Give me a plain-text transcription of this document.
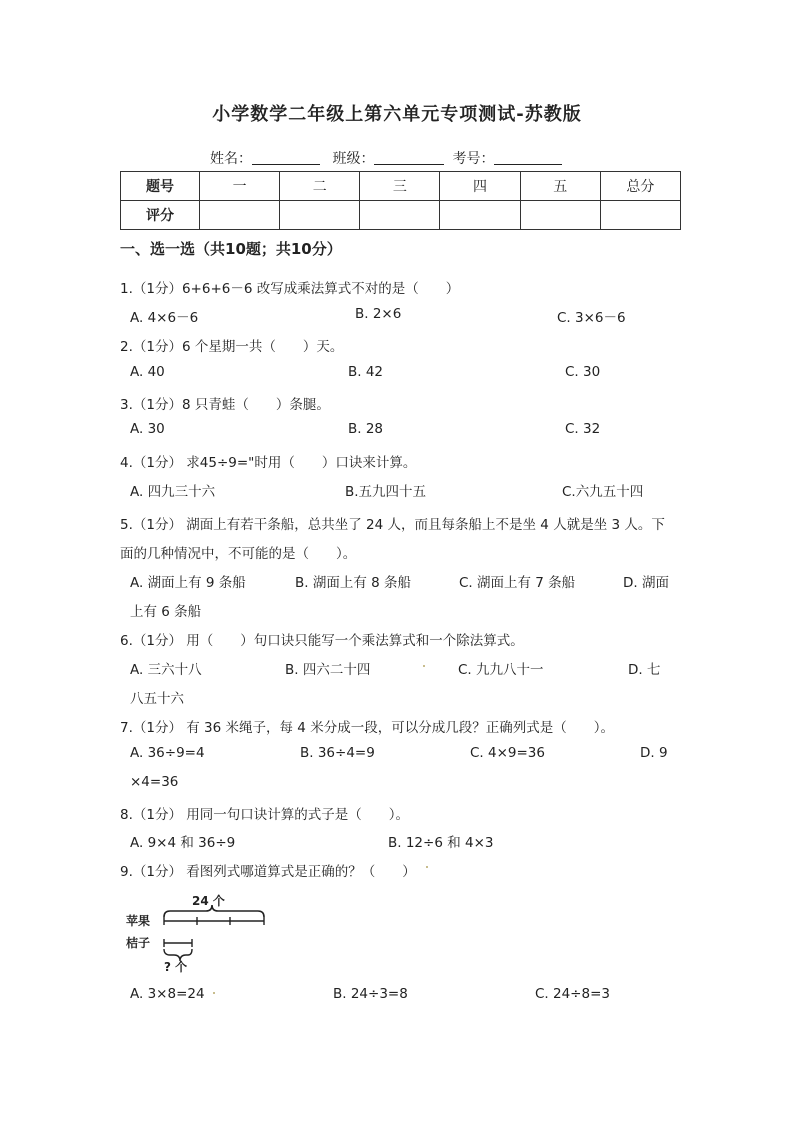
小学数学二年级上第六单元专项测试-苏教版
姓名：	班级：	考号：
题号	一	二	三	四	五	总分
评分						
一、选一选（共10题；共10分）
1.（1分）6+6+6－6 改写成乘法算式不对的是（　　）
A. 4×6－6	B. 2×6	C. 3×6－6
2.（1分）6 个星期一共（　　）天。
A. 40	B. 42	C. 30
3.（1分）8 只青蛙（　　）条腿。
A. 30	B. 28	C. 32
4.（1分） 求45÷9="时用（　　）口诀来计算。
A. 四九三十六	B.五九四十五	C.六九五十四
5.（1分） 湖面上有若干条船，总共坐了 24 人，而且每条船上不是坐 4 人就是坐 3 人。下
面的几种情况中，不可能的是（　　）。
A. 湖面上有 9 条船	B. 湖面上有 8 条船	C. 湖面上有 7 条船	D. 湖面
上有 6 条船
6.（1分） 用（　　）句口诀只能写一个乘法算式和一个除法算式。
A. 三六十八	B. 四六二十四	C. 九九八十一	D. 七
八五十六
7.（1分） 有 36 米绳子，每 4 米分成一段，可以分成几段？正确列式是（　　）。
A. 36÷9=4	B. 36÷4=9	C. 4×9=36	D. 9
×4=36
8.（1分） 用同一句口诀计算的式子是（　　）。
A. 9×4 和 36÷9	B. 12÷6 和 4×3
9.（1分） 看图列式哪道算式是正确的？（　　）
24 个
苹果
桔子
? 个
A. 3×8=24	B. 24÷3=8	C. 24÷8=3
